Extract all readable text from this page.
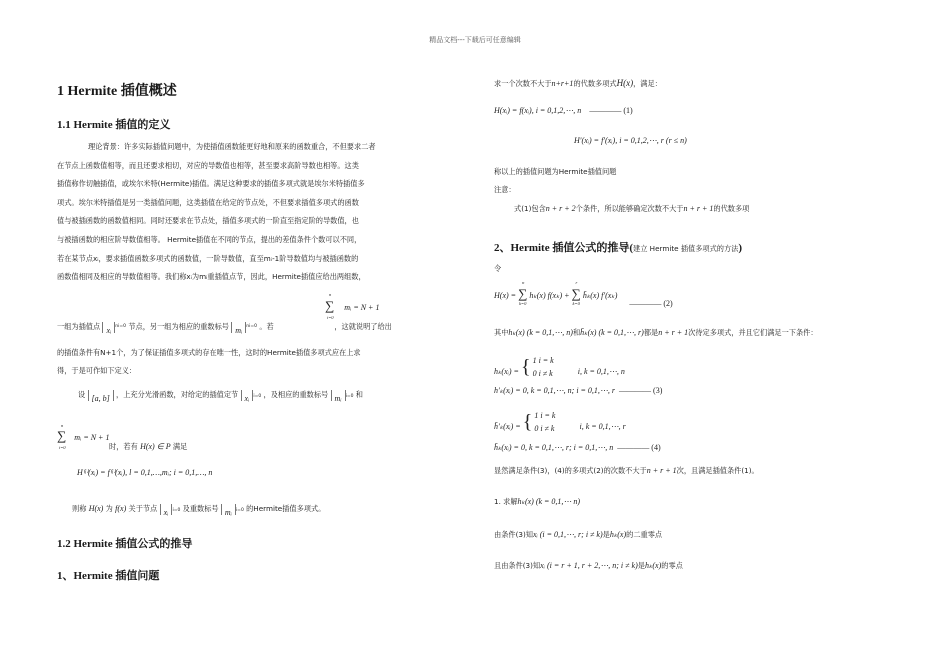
精品文档---下载后可任意编辑
1 Hermite 插值概述
1.1 Hermite 插值的定义
理论背景：许多实际插值问题中，为使插值函数能更好地和原来的函数重合，不但要求二者
在节点上函数值相等，而且还要求相切，对应的导数值也相等，甚至要求高阶导数也相等。这类
插值称作切触插值，或埃尔米特(Hermite)插值。满足这种要求的插值多项式就是埃尔米特插值多
项式。埃尔米特插值是另一类插值问题，这类插值在给定的节点处，不但要求插值多项式的函数
值与被插函数的函数值相同。同时还要求在节点处，插值多项式的一阶直至指定阶的导数值，也
与被插函数的相应阶导数值相等。 Hermite插值在不同的节点，提出的差值条件个数可以不同，
若在某节点xᵢ，要求插值函数多项式的函数值，一阶导数值，直至mᵢ-1阶导数值均与被插函数的
函数值相同及相应的导数值相等。我们称xᵢ为mᵢ重插值点节，因此，Hermite插值应给出两组数，
n
∑
i=0
mᵢ = N + 1
一组为插值点 xᵢ $^n$i=0 节点，另一组为相应的重数标号 mᵢ $^n$i=0 。若	，这就说明了给出
的插值条件有N+1个，为了保证插值多项式的存在唯一性，这时的Hermite插值多项式应在上求
得，于是可作如下定义：
设 [a, b] ，上充分光滑函数，对给定的插值定节 xᵢ i=0 ，及相应的重数标号 mᵢ i=0 和
n
∑
i=0
mᵢ = N + 1
时，若有 H(x) ∈ P 满足
H⁽ʲ⁾(xᵢ) = f⁽ʲ⁾(xᵢ), l = 0,1,…,mᵢ; i = 0,1,…, n
则称 H(x) 为 f(x) 关于节点 xᵢ i=0 及重数标号 mᵢ i=0 的Hermite插值多项式。
1.2 Hermite 插值公式的推导
1、Hermite 插值问题
求一个次数不大于n+r+1的代数多项式H(x)，满足：
H(xᵢ) = f(xᵢ), i = 0,1,2,⋯, n ———— (1)
H′(xᵢ) = f′(xᵢ), i = 0,1,2,⋯, r (r ≤ n)
称以上的插值问题为Hermite插值问题
注意：
式(1)包含n + r + 2个条件，所以能够确定次数不大于n + r + 1的代数多项
2、Hermite 插值公式的推导(建立 Hermite 插值多项式的方法)
令
H(x) =
n
∑
k=0
hₖ(x) f(xₖ) +
r
∑
k=0
h̄ₖ(x) f′(xₖ) ———— (2)
其中hₖ(x) (k = 0,1,⋯, n)和h̄ₖ(x) (k = 0,1,⋯, r)都是n + r + 1次待定多项式，并且它们满足一下条件：
hₖ(xᵢ) = { 1 i = k
0 i ≠ k	i, k = 0,1,⋯, n
h′ₖ(xᵢ) = 0, k = 0,1,⋯, n; i = 0,1,⋯, r ———— (3)
h̄′ₖ(xᵢ) = { 1 i = k
0 i ≠ k	i, k = 0,1,⋯, r
h̄ₖ(xᵢ) = 0, k = 0,1,⋯, r; i = 0,1,⋯, n ———— (4)
显然满足条件(3)，(4)的多项式(2)的次数不大于n + r + 1次，且满足插值条件(1)。
1. 求解hₖ(x) (k = 0,1,⋯ n)
由条件(3)知xᵢ (i = 0,1,⋯, r; i ≠ k)是hₖ(x)的二重零点
且由条件(3)知xᵢ (i = r + 1, r + 2,⋯, n; i ≠ k)是hₖ(x)的零点
